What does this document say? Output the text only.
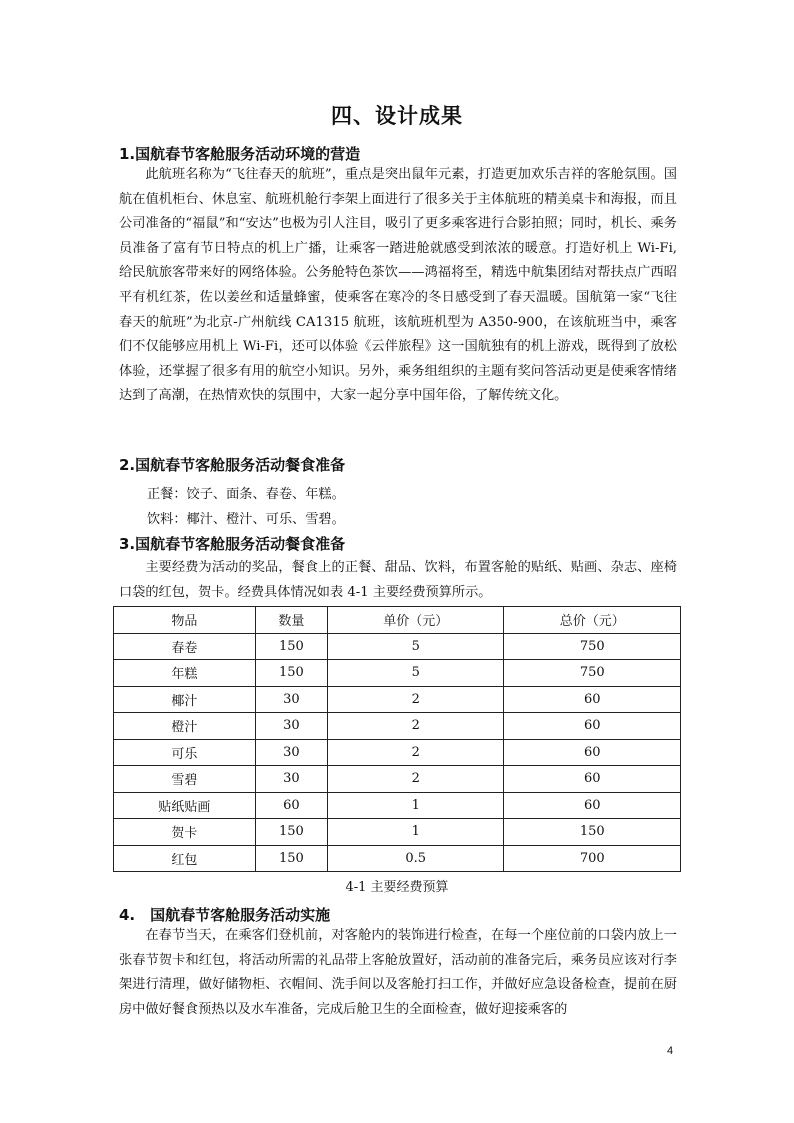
四、设计成果
1.国航春节客舱服务活动环境的营造

此航班名称为“飞往春天的航班”，重点是突出鼠年元素，打造更加欢乐吉祥的客舱氛围。国航在值机柜台、休息室、航班机舱行李架上面进行了很多关于主体航班的精美桌卡和海报，而且公司准备的“福鼠”和“安达”也极为引人注目，吸引了更多乘客进行合影拍照；同时，机长、乘务员准备了富有节日特点的机上广播，让乘客一踏进舱就感受到浓浓的暖意。打造好机上 Wi-Fi,给民航旅客带来好的网络体验。公务舱特色茶饮——鸿福将至，精选中航集团结对帮扶点广西昭平有机红茶，佐以姜丝和适量蜂蜜，使乘客在寒冷的冬日感受到了春天温暖。国航第一家“飞往春天的航班”为北京-广州航线 CA1315 航班，该航班机型为 A350-900，在该航班当中，乘客们不仅能够应用机上 Wi-Fi，还可以体验《云伴旅程》这一国航独有的机上游戏，既得到了放松体验，还掌握了很多有用的航空小知识。另外，乘务组组织的主题有奖问答活动更是使乘客情绪达到了高潮，在热情欢快的氛围中，大家一起分享中国年俗，了解传统文化。

2.国航春节客舱服务活动餐食准备
正餐：饺子、面条、春卷、年糕。
饮料：椰汁、橙汁、可乐、雪碧。
3.国航春节客舱服务活动餐食准备

主要经费为活动的奖品，餐食上的正餐、甜品、饮料，布置客舱的贴纸、贴画、杂志、座椅口袋的红包，贺卡。经费具体情况如表 4-1 主要经费预算所示。

物品	数量	单价（元）	总价（元）
春卷	150	5	750
年糕	150	5	750
椰汁	30	2	60
橙汁	30	2	60
可乐	30	2	60
雪碧	30	2	60
贴纸贴画	60	1	60
贺卡	150	1	150
红包	150	0.5	700
4-1 主要经费预算
4.　国航春节客舱服务活动实施

在春节当天，在乘客们登机前，对客舱内的装饰进行检查，在每一个座位前的口袋内放上一张春节贺卡和红包，将活动所需的礼品带上客舱放置好，活动前的准备完后，乘务员应该对行李架进行清理，做好储物柜、衣帽间、洗手间以及客舱打扫工作，并做好应急设备检查，提前在厨房中做好餐食预热以及水车准备，完成后舱卫生的全面检查，做好迎接乘客的

4
